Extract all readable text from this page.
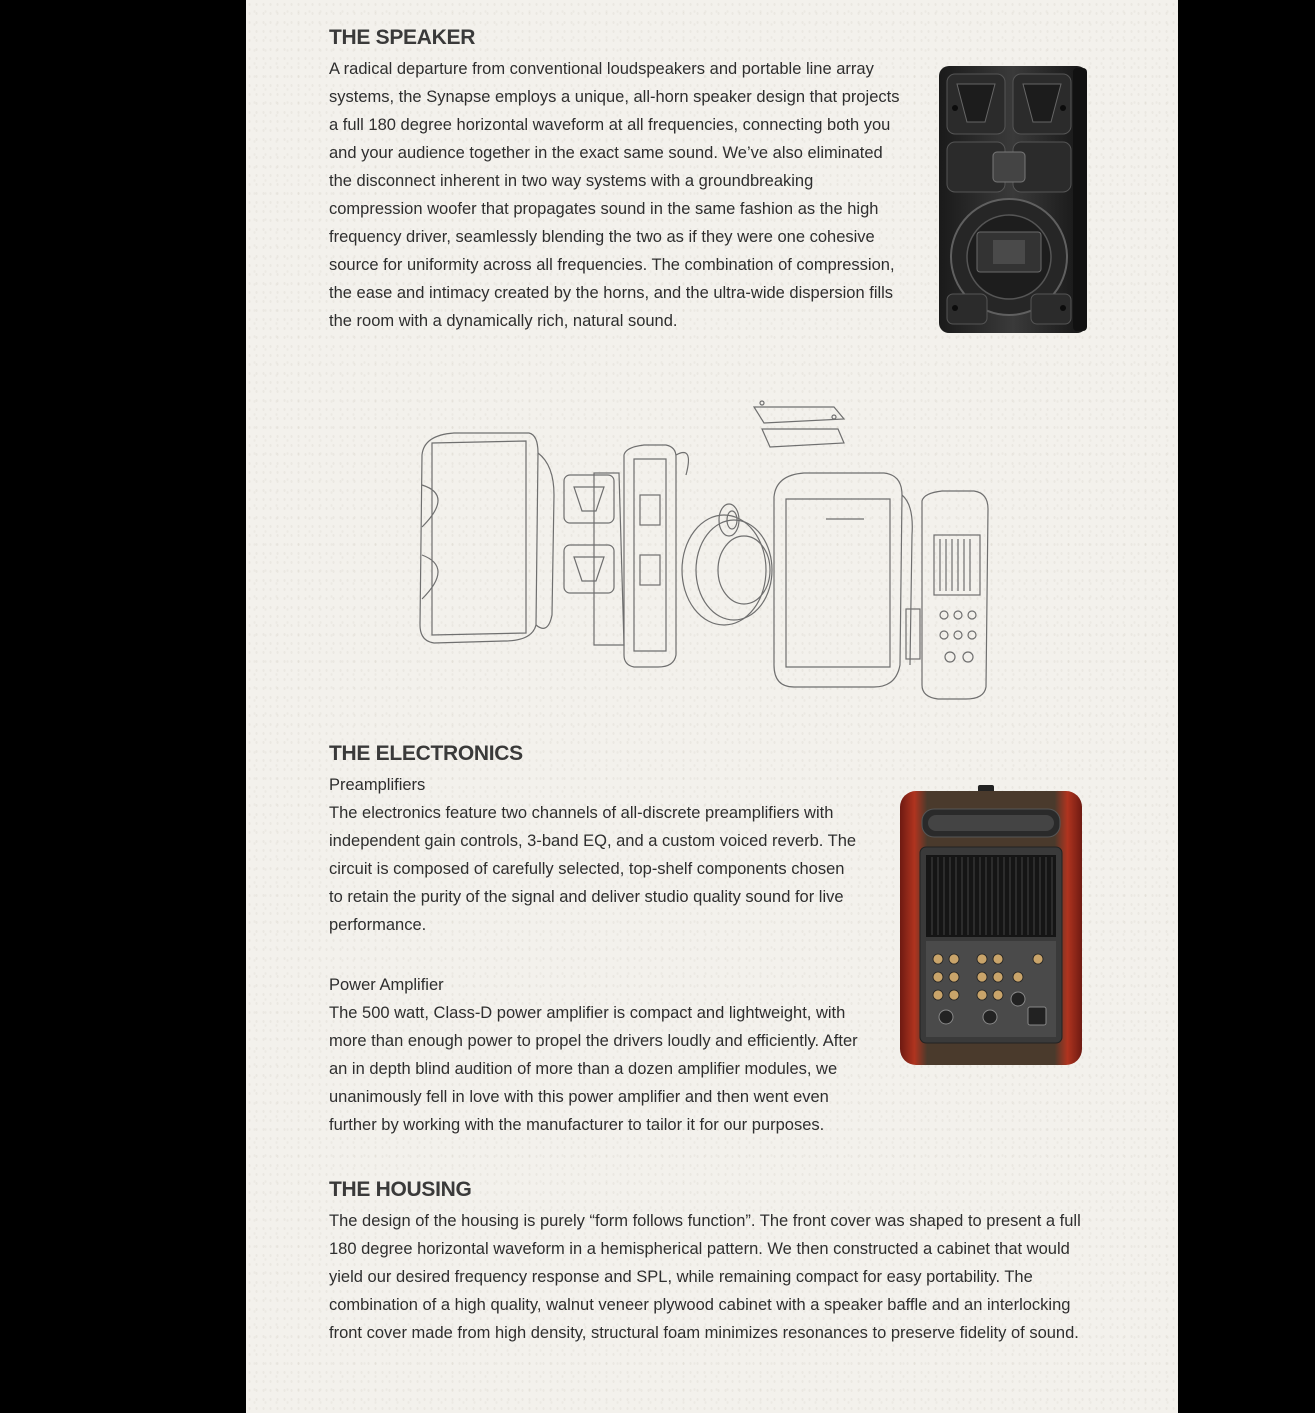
THE SPEAKER

A radical departure from conventional loudspeakers and portable line array systems, the Synapse employs a unique, all-horn speaker design that projects a full 180 degree horizontal waveform at all frequencies, connecting both you and your audience together in the exact same sound. We’ve also eliminated the disconnect inherent in two way systems with a groundbreaking compression woofer that propagates sound in the same fashion as the high frequency driver, seamlessly blending the two as if they were one cohesive source for uniformity across all frequencies. The combination of compression, the ease and intimacy created by the horns, and the ultra-wide dispersion fills the room with a dynamically rich, natural sound.

THE ELECTRONICS

Preamplifiers

The electronics feature two channels of all-discrete preamplifiers with independent gain controls, 3-band EQ, and a custom voiced reverb. The circuit is composed of carefully selected, top-shelf components chosen to retain the purity of the signal and deliver studio quality sound for live performance.

Power Amplifier

The 500 watt, Class-D power amplifier is compact and lightweight, with more than enough power to propel the drivers loudly and efficiently. After an in depth blind audition of more than a dozen amplifier modules, we unanimously fell in love with this power amplifier and then went even further by working with the manufacturer to tailor it for our purposes.

THE HOUSING

The design of the housing is purely “form follows function”. The front cover was shaped to present a full 180 degree horizontal waveform in a hemispherical pattern. We then constructed a cabinet that would yield our desired frequency response and SPL, while remaining compact for easy portability. The combination of a high quality, walnut veneer plywood cabinet with a speaker baffle and an interlocking front cover made from high density, structural foam minimizes resonances to preserve fidelity of sound.
